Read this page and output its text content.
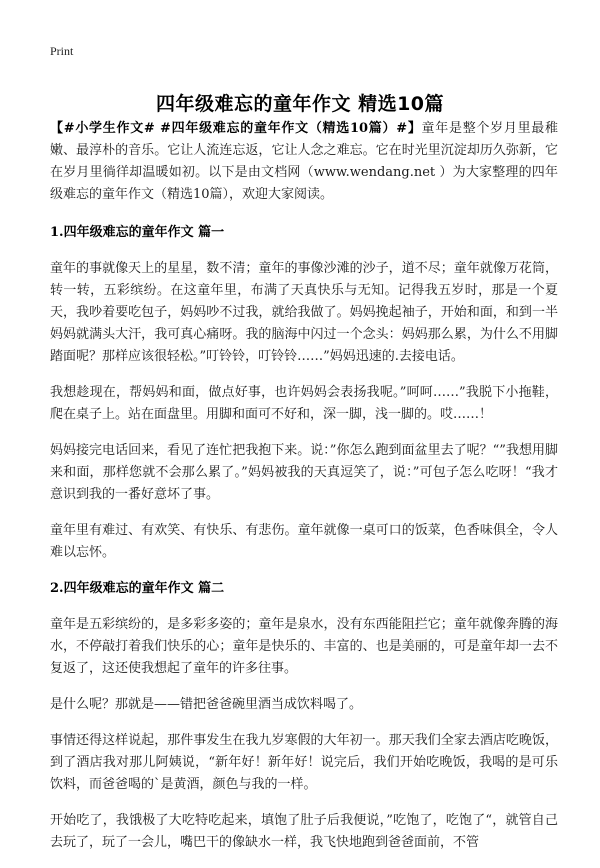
Print
四年级难忘的童年作文 精选10篇

【#小学生作文# #四年级难忘的童年作文（精选10篇）#】童年是整个岁月里最稚嫩、最淳朴的音乐。它让人流连忘返，它让人念之难忘。它在时光里沉淀却历久弥新，它在岁月里徜徉却温暖如初。以下是由文档网（www.wendang.net ）为大家整理的四年级难忘的童年作文（精选10篇），欢迎大家阅读。

1.四年级难忘的童年作文 篇一

童年的事就像天上的星星，数不清；童年的事像沙滩的沙子，道不尽；童年就像万花筒，转一转，五彩缤纷。在这童年里，布满了天真快乐与无知。记得我五岁时，那是一个夏天，我吵着要吃包子，妈妈吵不过我，就给我做了。妈妈挽起袖子，开始和面，和到一半妈妈就满头大汗，我可真心痛呀。我的脑海中闪过一个念头：妈妈那么累，为什么不用脚踏面呢？那样应该很轻松。”叮铃铃，叮铃铃……”妈妈迅速的.去接电话。

我想趁现在，帮妈妈和面，做点好事，也许妈妈会表扬我呢。”呵呵……”我脱下小拖鞋，爬在桌子上。站在面盘里。用脚和面可不好和，深一脚，浅一脚的。哎……！

妈妈接完电话回来，看见了连忙把我抱下来。说：”你怎么跑到面盆里去了呢？“”我想用脚来和面，那样您就不会那么累了。”妈妈被我的天真逗笑了，说：”可包子怎么吃呀！“我才意识到我的一番好意坏了事。

童年里有难过、有欢笑、有快乐、有悲伤。童年就像一桌可口的饭菜，色香味俱全，令人难以忘怀。

2.四年级难忘的童年作文 篇二

童年是五彩缤纷的，是多彩多姿的；童年是泉水，没有东西能阻拦它；童年就像奔腾的海水，不停敲打着我们快乐的心；童年是快乐的、丰富的、也是美丽的，可是童年却一去不复返了，这还使我想起了童年的许多往事。

是什么呢？那就是——错把爸爸碗里酒当成饮料喝了。

事情还得这样说起，那件事发生在我九岁寒假的大年初一。那天我们全家去酒店吃晚饭，到了酒店我对那儿阿姨说，“新年好！新年好！说完后，我们开始吃晚饭，我喝的是可乐饮料，而爸爸喝的`是黄酒，颜色与我的一样。

开始吃了，我饿极了大吃特吃起来，填饱了肚子后我便说，”吃饱了，吃饱了“，就管自己去玩了，玩了一会儿，嘴巴干的像缺水一样，我飞快地跑到爸爸面前，不管
